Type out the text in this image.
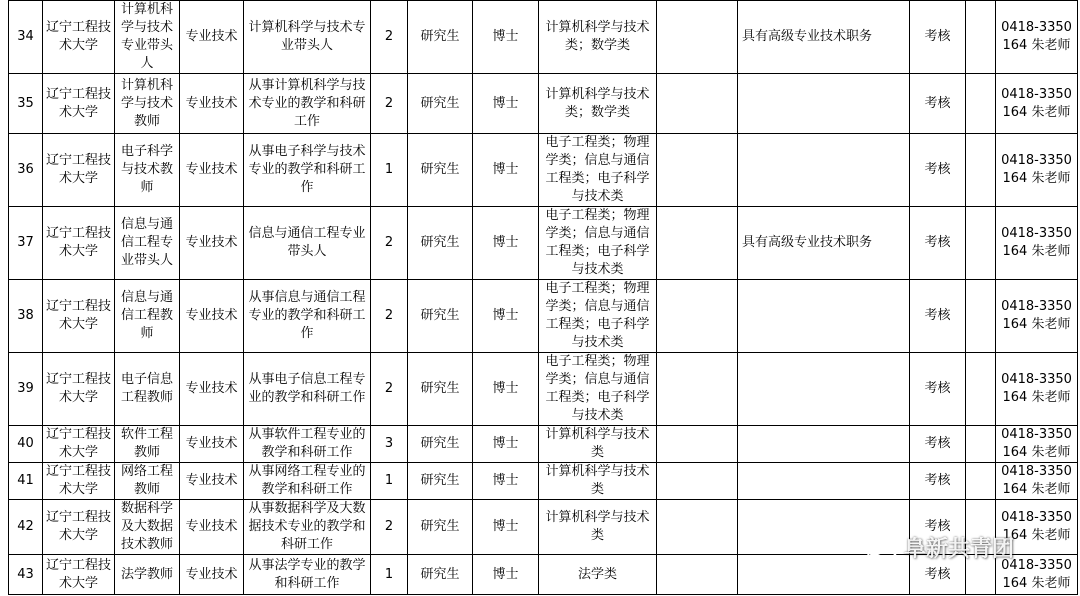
34	辽宁工程技术大学	计算机科学与技术专业带头人	专业技术	计算机科学与技术专业带头人	2	研究生	博士	计算机科学与技术类；数学类		具有高级专业技术职务	考核		0418-3350164 朱老师
35	辽宁工程技术大学	计算机科学与技术教师	专业技术	从事计算机科学与技术专业的教学和科研工作	2	研究生	博士	计算机科学与技术类；数学类			考核		0418-3350164 朱老师
36	辽宁工程技术大学	电子科学与技术教师	专业技术	从事电子科学与技术专业的教学和科研工作	1	研究生	博士	电子工程类；物理学类；信息与通信工程类；电子科学与技术类			考核		0418-3350164 朱老师
37	辽宁工程技术大学	信息与通信工程专业带头人	专业技术	信息与通信工程专业带头人	2	研究生	博士	电子工程类；物理学类；信息与通信工程类；电子科学与技术类		具有高级专业技术职务	考核		0418-3350164 朱老师
38	辽宁工程技术大学	信息与通信工程教师	专业技术	从事信息与通信工程专业的教学和科研工作	2	研究生	博士	电子工程类；物理学类；信息与通信工程类；电子科学与技术类			考核		0418-3350164 朱老师
39	辽宁工程技术大学	电子信息工程教师	专业技术	从事电子信息工程专业的教学和科研工作	2	研究生	博士	电子工程类；物理学类；信息与通信工程类；电子科学与技术类			考核		0418-3350164 朱老师
40	辽宁工程技术大学	软件工程教师	专业技术	从事软件工程专业的教学和科研工作	3	研究生	博士	计算机科学与技术类			考核		0418-3350164 朱老师
41	辽宁工程技术大学	网络工程教师	专业技术	从事网络工程专业的教学和科研工作	1	研究生	博士	计算机科学与技术类			考核		0418-3350164 朱老师
42	辽宁工程技术大学	数据科学及大数据技术教师	专业技术	从事数据科学及大数据技术专业的教学和科研工作	2	研究生	博士	计算机科学与技术类			考核		0418-3350164 朱老师
43	辽宁工程技术大学	法学教师	专业技术	从事法学专业的教学和科研工作	1	研究生	博士	法学类			考核		0418-3350164 朱老师
阜新共青团
